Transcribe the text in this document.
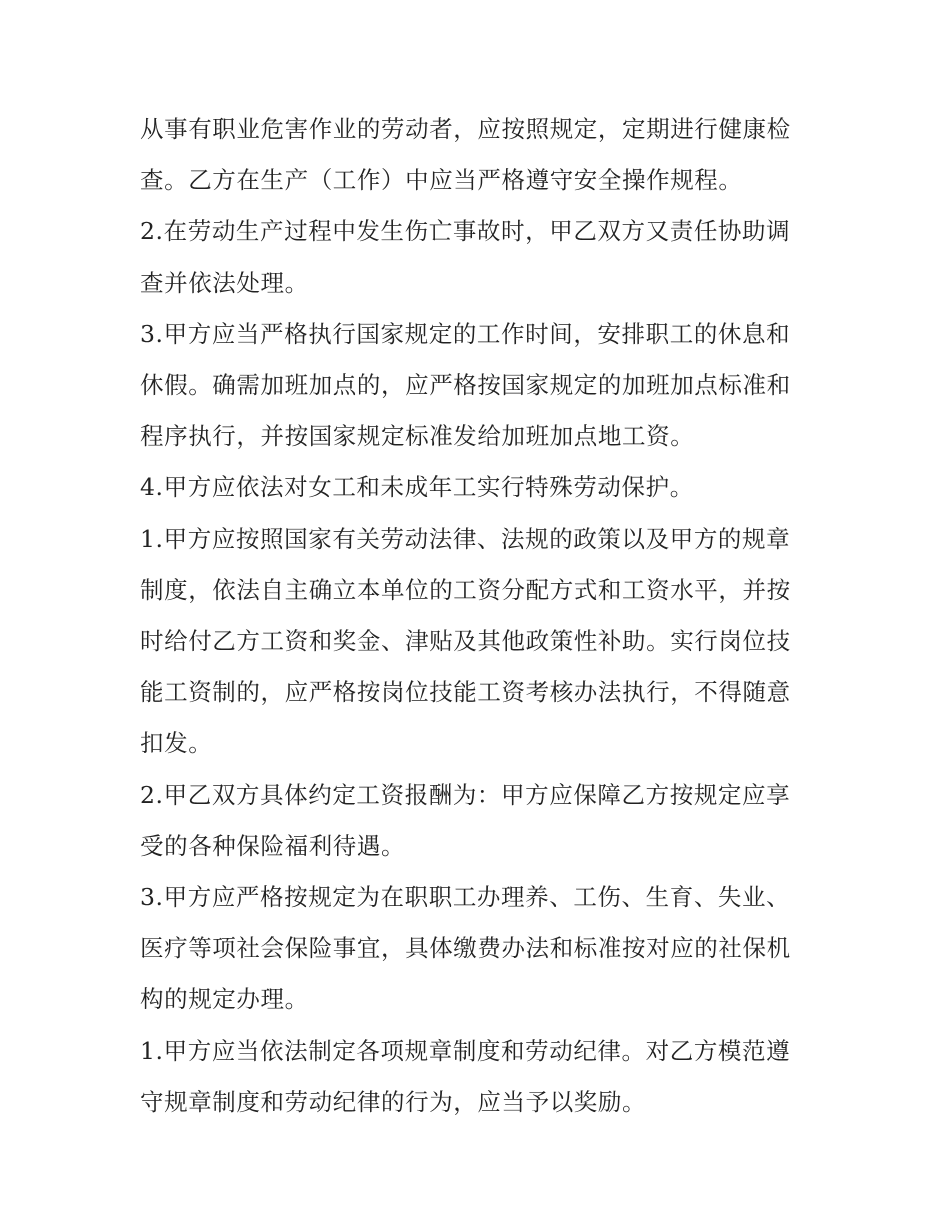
从事有职业危害作业的劳动者，应按照规定，定期进行健康检
查。乙方在生产（工作）中应当严格遵守安全操作规程。

2.在劳动生产过程中发生伤亡事故时，甲乙双方又责任协助调
查并依法处理。

3.甲方应当严格执行国家规定的工作时间，安排职工的休息和
休假。确需加班加点的，应严格按国家规定的加班加点标准和
程序执行，并按国家规定标准发给加班加点地工资。

4.甲方应依法对女工和未成年工实行特殊劳动保护。

1.甲方应按照国家有关劳动法律、法规的政策以及甲方的规章
制度，依法自主确立本单位的工资分配方式和工资水平，并按
时给付乙方工资和奖金、津贴及其他政策性补助。实行岗位技
能工资制的，应严格按岗位技能工资考核办法执行，不得随意
扣发。

2.甲乙双方具体约定工资报酬为：甲方应保障乙方按规定应享
受的各种保险福利待遇。

3.甲方应严格按规定为在职职工办理养、工伤、生育、失业、
医疗等项社会保险事宜，具体缴费办法和标准按对应的社保机
构的规定办理。

1.甲方应当依法制定各项规章制度和劳动纪律。对乙方模范遵
守规章制度和劳动纪律的行为，应当予以奖励。
